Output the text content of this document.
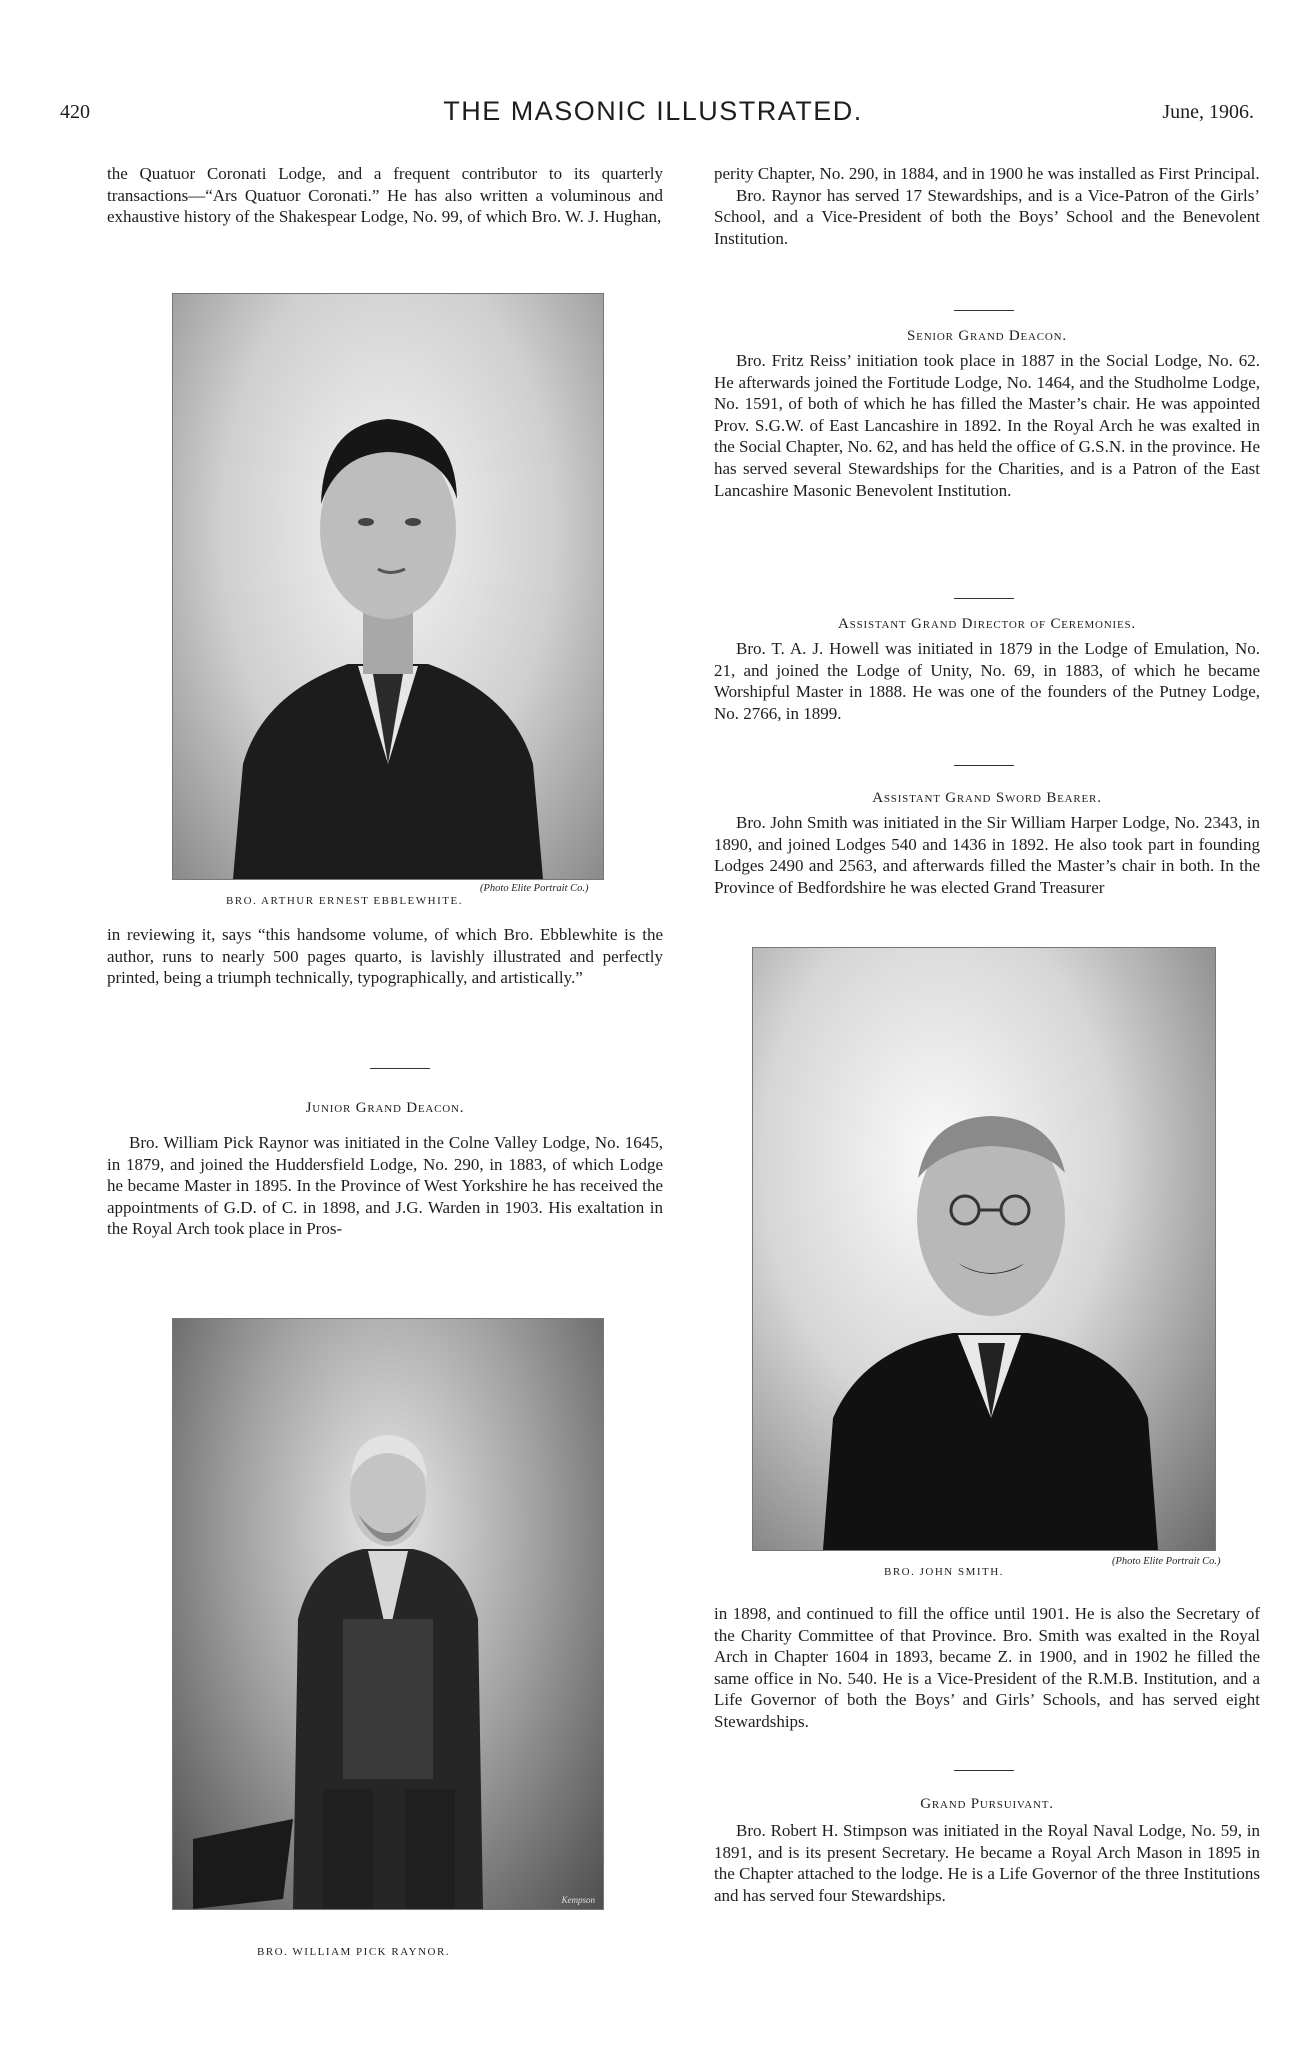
420	THE MASONIC ILLUSTRATED.	June, 1906.

the Quatuor Coronati Lodge, and a frequent contributor to its quarterly transactions—“Ars Quatuor Coronati.” He has also written a voluminous and exhaustive history of the Shakespear Lodge, No. 99, of which Bro. W. J. Hughan,

(Photo Elite Portrait Co.)
BRO. ARTHUR ERNEST EBBLEWHITE.

in reviewing it, says “this handsome volume, of which Bro. Ebblewhite is the author, runs to nearly 500 pages quarto, is lavishly illustrated and perfectly printed, being a triumph technically, typographically, and artistically.”

Junior Grand Deacon.

Bro. William Pick Raynor was initiated in the Colne Valley Lodge, No. 1645, in 1879, and joined the Huddersfield Lodge, No. 290, in 1883, of which Lodge he became Master in 1895. In the Province of West Yorkshire he has received the appointments of G.D. of C. in 1898, and J.G. Warden in 1903. His exaltation in the Royal Arch took place in Pros-

Kempson
BRO. WILLIAM PICK RAYNOR.

perity Chapter, No. 290, in 1884, and in 1900 he was installed as First Principal.

Bro. Raynor has served 17 Stewardships, and is a Vice-Patron of the Girls’ School, and a Vice-President of both the Boys’ School and the Benevolent Institution.

Senior Grand Deacon.

Bro. Fritz Reiss’ initiation took place in 1887 in the Social Lodge, No. 62. He afterwards joined the Fortitude Lodge, No. 1464, and the Studholme Lodge, No. 1591, of both of which he has filled the Master’s chair. He was appointed Prov. S.G.W. of East Lancashire in 1892. In the Royal Arch he was exalted in the Social Chapter, No. 62, and has held the office of G.S.N. in the province. He has served several Stewardships for the Charities, and is a Patron of the East Lancashire Masonic Benevolent Institution.

Assistant Grand Director of Ceremonies.

Bro. T. A. J. Howell was initiated in 1879 in the Lodge of Emulation, No. 21, and joined the Lodge of Unity, No. 69, in 1883, of which he became Worshipful Master in 1888. He was one of the founders of the Putney Lodge, No. 2766, in 1899.

Assistant Grand Sword Bearer.

Bro. John Smith was initiated in the Sir William Harper Lodge, No. 2343, in 1890, and joined Lodges 540 and 1436 in 1892. He also took part in founding Lodges 2490 and 2563, and afterwards filled the Master’s chair in both. In the Province of Bedfordshire he was elected Grand Treasurer

BRO. JOHN SMITH.
(Photo Elite Portrait Co.)

in 1898, and continued to fill the office until 1901. He is also the Secretary of the Charity Committee of that Province. Bro. Smith was exalted in the Royal Arch in Chapter 1604 in 1893, became Z. in 1900, and in 1902 he filled the same office in No. 540. He is a Vice-President of the R.M.B. Institution, and a Life Governor of both the Boys’ and Girls’ Schools, and has served eight Stewardships.

Grand Pursuivant.

Bro. Robert H. Stimpson was initiated in the Royal Naval Lodge, No. 59, in 1891, and is its present Secretary. He became a Royal Arch Mason in 1895 in the Chapter attached to the lodge. He is a Life Governor of the three Institutions and has served four Stewardships.
